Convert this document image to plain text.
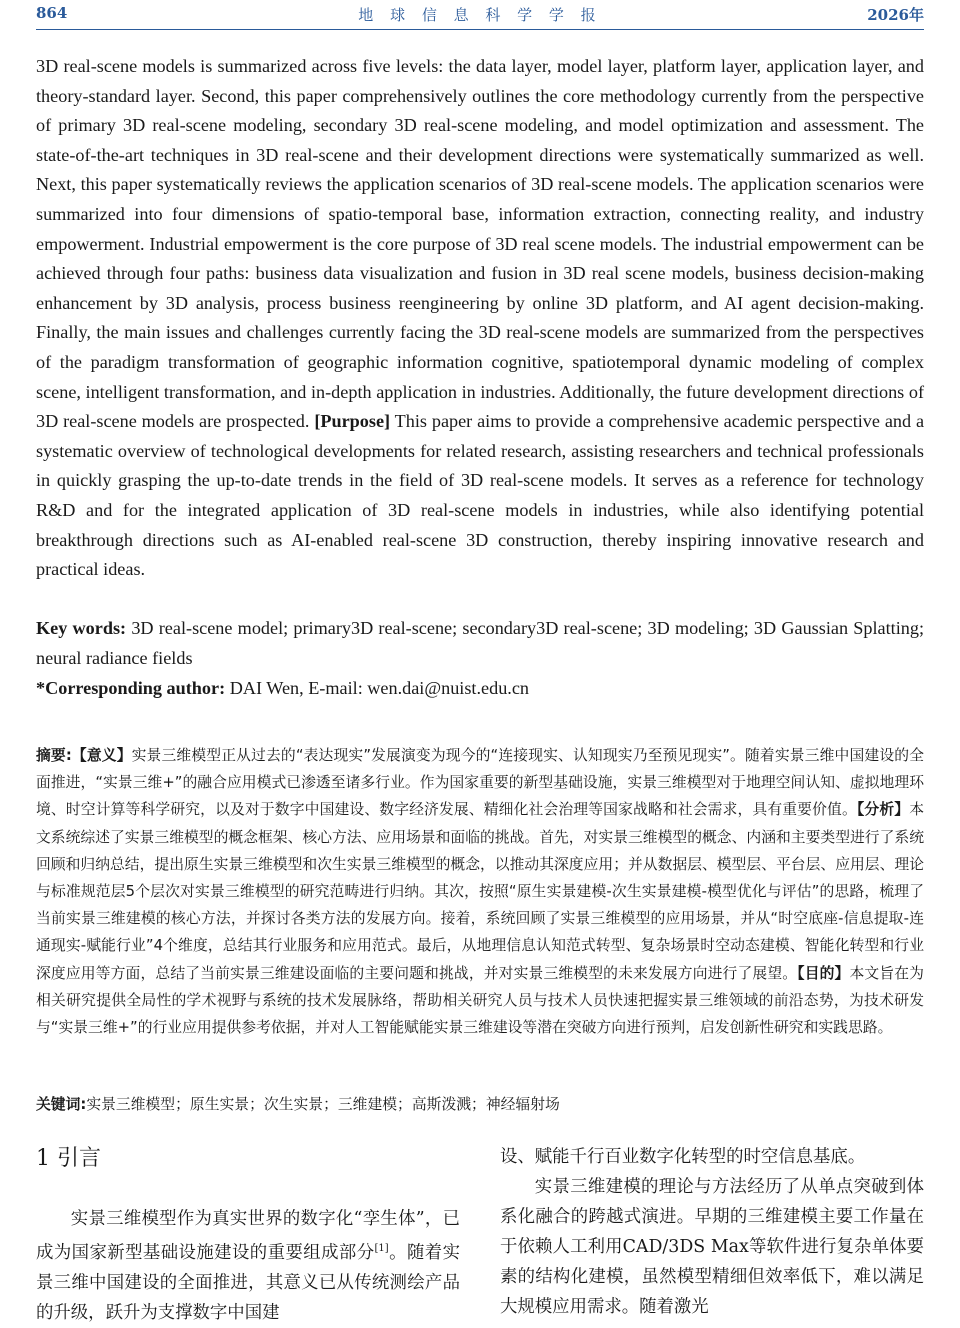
864	地 球 信 息 科 学 学 报	2026年

3D real-scene models is summarized across five levels: the data layer, model layer, platform layer, application layer, and theory-standard layer. Second, this paper comprehensively outlines the core methodology currently from the perspective of primary 3D real-scene modeling, secondary 3D real-scene modeling, and model optimization and assessment. The state-of-the-art techniques in 3D real-scene and their development directions were systematically summarized as well. Next, this paper systematically reviews the application scenarios of 3D real-scene models. The application scenarios were summarized into four dimensions of spatio-temporal base, information extraction, connecting reality, and industry empowerment. Industrial empowerment is the core purpose of 3D real scene models. The industrial empowerment can be achieved through four paths: business data visualization and fusion in 3D real scene models, business decision-making enhancement by 3D analysis, process business reengineering by online 3D platform, and AI agent decision-making. Finally, the main issues and challenges currently facing the 3D real-scene models are summarized from the perspectives of the paradigm transformation of geographic information cognitive, spatiotemporal dynamic modeling of complex scene, intelligent transformation, and in-depth application in industries. Additionally, the future development directions of 3D real-scene models are prospected. [Purpose] This paper aims to provide a comprehensive academic perspective and a systematic overview of technological developments for related research, assisting researchers and technical professionals in quickly grasping the up-to-date trends in the field of 3D real-scene models. It serves as a reference for technology R&D and for the integrated application of 3D real-scene models in industries, while also identifying potential breakthrough directions such as AI-enabled real-scene 3D construction, thereby inspiring innovative research and practical ideas.

Key words: 3D real-scene model; primary3D real-scene; secondary3D real-scene; 3D modeling; 3D Gaussian Splatting; neural radiance fields
*Corresponding author: DAI Wen, E-mail: wen.dai@nuist.edu.cn
摘要:【意义】实景三维模型正从过去的“表达现实”发展演变为现今的“连接现实、认知现实乃至预见现实”。随着实景三维中国建设的全面推进，“实景三维+”的融合应用模式已渗透至诸多行业。作为国家重要的新型基础设施，实景三维模型对于地理空间认知、虚拟地理环境、时空计算等科学研究，以及对于数字中国建设、数字经济发展、精细化社会治理等国家战略和社会需求，具有重要价值。【分析】本文系统综述了实景三维模型的概念框架、核心方法、应用场景和面临的挑战。首先，对实景三维模型的概念、内涵和主要类型进行了系统回顾和归纳总结，提出原生实景三维模型和次生实景三维模型的概念，以推动其深度应用；并从数据层、模型层、平台层、应用层、理论与标准规范层5个层次对实景三维模型的研究范畴进行归纳。其次，按照“原生实景建模-次生实景建模-模型优化与评估”的思路，梳理了当前实景三维建模的核心方法，并探讨各类方法的发展方向。接着，系统回顾了实景三维模型的应用场景，并从“时空底座-信息提取-连通现实-赋能行业”4个维度，总结其行业服务和应用范式。最后，从地理信息认知范式转型、复杂场景时空动态建模、智能化转型和行业深度应用等方面，总结了当前实景三维建设面临的主要问题和挑战，并对实景三维模型的未来发展方向进行了展望。【目的】本文旨在为相关研究提供全局性的学术视野与系统的技术发展脉络，帮助相关研究人员与技术人员快速把握实景三维领域的前沿态势，为技术研发与“实景三维+”的行业应用提供参考依据，并对人工智能赋能实景三维建设等潜在突破方向进行预判，启发创新性研究和实践思路。
关键词:实景三维模型；原生实景；次生实景；三维建模；高斯泼溅；神经辐射场
1 引言
实景三维模型作为真实世界的数字化“孪生体”，已成为国家新型基础设施建设的重要组成部分[1]。随着实景三维中国建设的全面推进，其意义已从传统测绘产品的升级，跃升为支撑数字中国建
设、赋能千行百业数字化转型的时空信息基底。
实景三维建模的理论与方法经历了从单点突破到体系化融合的跨越式演进。早期的三维建模主要工作量在于依赖人工利用CAD/3DS Max等软件进行复杂单体要素的结构化建模，虽然模型精细但效率低下，难以满足大规模应用需求。随着激光
